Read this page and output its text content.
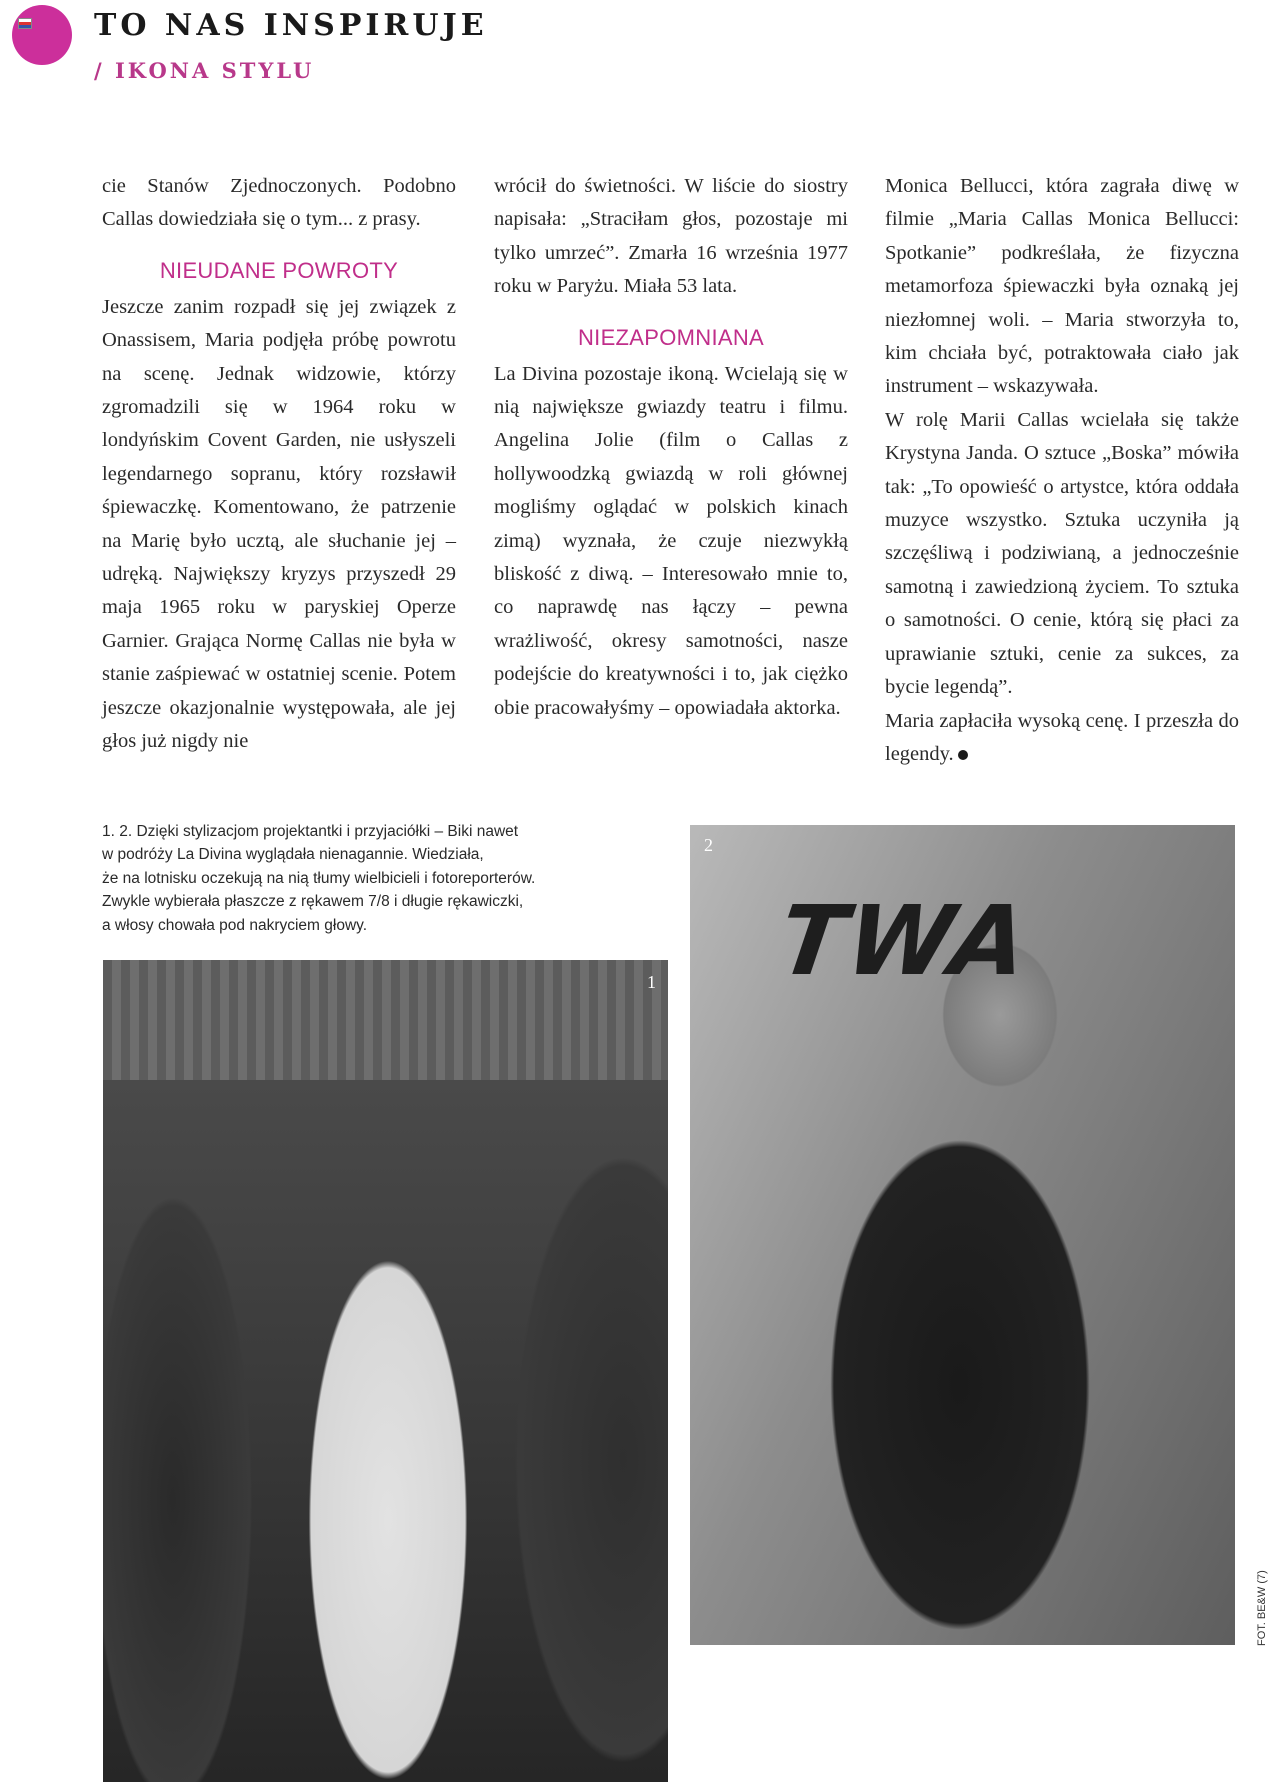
TO NAS INSPIRUJE
/ IKONA STYLU

cie Stanów Zjednoczonych. Podobno Callas dowiedziała się o tym... z prasy.

NIEUDANE POWROTY

Jeszcze zanim rozpadł się jej związek z Onassisem, Maria podjęła próbę powrotu na scenę. Jednak widzowie, którzy zgromadzili się w 1964 roku w londyńskim Covent Garden, nie usłyszeli legendarnego sopranu, który rozsławił śpiewaczkę. Komentowano, że patrzenie na Marię było ucztą, ale słuchanie jej – udręką. Największy kryzys przyszedł 29 maja 1965 roku w paryskiej Operze Garnier. Grająca Normę Callas nie była w stanie zaśpiewać w ostatniej scenie. Potem jeszcze okazjonalnie występowała, ale jej głos już nigdy nie

wrócił do świetności. W liście do siostry napisała: „Straciłam głos, pozostaje mi tylko umrzeć”. Zmarła 16 września 1977 roku w Paryżu. Miała 53 lata.

NIEZAPOMNIANA

La Divina pozostaje ikoną. Wcielają się w nią największe gwiazdy teatru i filmu. Angelina Jolie (film o Callas z hollywoodzką gwiazdą w roli głównej mogliśmy oglądać w polskich kinach zimą) wyznała, że czuje niezwykłą bliskość z diwą. – Interesowało mnie to, co naprawdę nas łączy – pewna wrażliwość, okresy samotności, nasze podejście do kreatywności i to, jak ciężko obie pracowałyśmy – opowiadała aktorka.

Monica Bellucci, która zagrała diwę w filmie „Maria Callas Monica Bellucci: Spotkanie” podkreślała, że fizyczna metamorfoza śpiewaczki była oznaką jej niezłomnej woli. – Maria stworzyła to, kim chciała być, potraktowała ciało jak instrument – wskazywała.

W rolę Marii Callas wcielała się także Krystyna Janda. O sztuce „Boska” mówiła tak: „To opowieść o artystce, która oddała muzyce wszystko. Sztuka uczyniła ją szczęśliwą i podziwianą, a jednocześnie samotną i zawiedzioną życiem. To sztuka o samotności. O cenie, którą się płaci za uprawianie sztuki, cenie za sukces, za bycie legendą”.

Maria zapłaciła wysoką cenę. I przeszła do legendy.

1. 2. Dzięki stylizacjom projektantki i przyjaciółki – Biki nawet
w podróży La Divina wyglądała nienagannie. Wiedziała,
że na lotnisku oczekują na nią tłumy wielbicieli i fotoreporterów.
Zwykle wybierała płaszcze z rękawem 7/8 i długie rękawiczki,
a włosy chowała pod nakryciem głowy.
1 TWA
2
FOT. BE&W (7)
